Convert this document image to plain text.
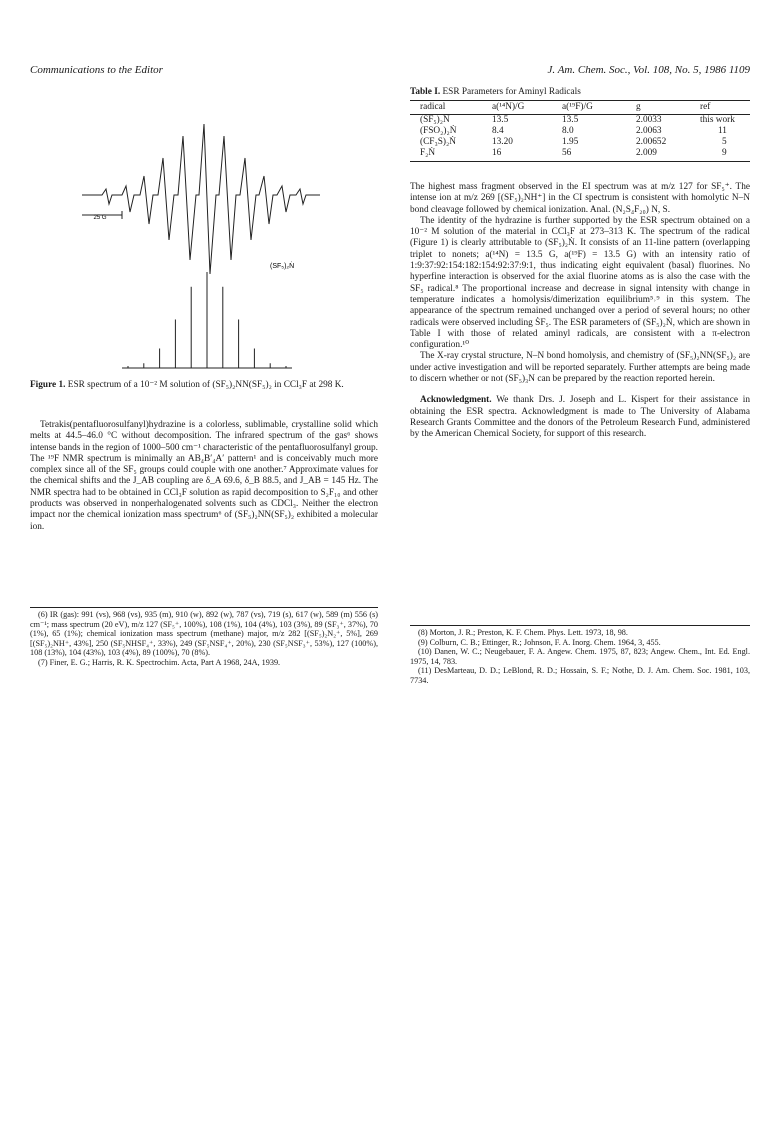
Communications to the Editor	J. Am. Chem. Soc., Vol. 108, No. 5, 1986 1109
25 G
(SF₅)₂Ṅ
Figure 1. ESR spectrum of a 10⁻² M solution of (SF₅)₂NN(SF₅)₂ in CCl₃F at 298 K.

Tetrakis(pentafluorosulfanyl)hydrazine is a colorless, sublimable, crystalline solid which melts at 44.5–46.0 °C without decomposition. The infrared spectrum of the gas⁶ shows intense bands in the region of 1000–500 cm⁻¹ characteristic of the pentafluorosulfanyl group. The ¹⁹F NMR spectrum is minimally an AB₄B′₄A′ pattern¹ and is conceivably much more complex since all of the SF₅ groups could couple with one another.⁷ Approximate values for the chemical shifts and the J_AB coupling are δ_A 69.6, δ_B 88.5, and J_AB = 145 Hz. The NMR spectra had to be obtained in CCl₃F solution as rapid decomposition to S₂F₁₀ and other products was observed in nonperhalogenated solvents such as CDCl₃. Neither the electron impact nor the chemical ionization mass spectrum⁶ of (SF₅)₂NN(SF₅)₂ exhibited a molecular ion.

(6) IR (gas): 991 (vs), 968 (vs), 935 (m), 910 (w), 892 (w), 787 (vs), 719 (s), 617 (w), 589 (m) 556 (s) cm⁻¹; mass spectrum (20 eV), m/z 127 (SF₅⁺, 100%), 108 (1%), 104 (4%), 103 (3%), 89 (SF₃⁺, 37%), 70 (1%), 65 (1%); chemical ionization mass spectrum (methane) major, m/z 282 [(SF₅)₂N₂⁺, 5%], 269 [(SF₅)₂NH⁺, 43%], 250 (SF₅NHSF₄⁺, 33%), 249 (SF₅NSF₄⁺, 20%), 230 (SF₅NSF₃⁺, 53%), 127 (100%), 108 (13%), 104 (43%), 103 (4%), 89 (100%), 70 (8%).

(7) Finer, E. G.; Harris, R. K. Spectrochim. Acta, Part A 1968, 24A, 1939.

Table I. ESR Parameters for Aminyl Radicals
radical	a(¹⁴N)/G	a(¹⁹F)/G	g	ref
(SF₅)₂Ṅ	13.5	13.5	2.0033	this work
(FSO₂)₂Ṅ	8.4	8.0	2.0063	11
(CF₃S)₂Ṅ	13.20	1.95	2.00652	5
F₂Ṅ	16	56	2.009	9

The highest mass fragment observed in the EI spectrum was at m/z 127 for SF₅⁺. The intense ion at m/z 269 [(SF₅)₂NH⁺] in the CI spectrum is consistent with homolytic N–N bond cleavage followed by chemical ionization. Anal. (N₂S₄F₂₀) N, S.

The identity of the hydrazine is further supported by the ESR spectrum obtained on a 10⁻² M solution of the material in CCl₃F at 273–313 K. The spectrum of the radical (Figure 1) is clearly attributable to (SF₅)₂Ṅ. It consists of an 11-line pattern (overlapping triplet to nonets; a(¹⁴N) = 13.5 G, a(¹⁹F) = 13.5 G) with an intensity ratio of 1:9:37:92:154:182:154:92:37:9:1, thus indicating eight equivalent (basal) fluorines. No hyperfine interaction is observed for the axial fluorine atoms as is also the case with the SF₅ radical.⁸ The proportional increase and decrease in signal intensity with change in temperature indicates a homolysis/dimerization equilibrium⁵˒⁹ in this system. The appearance of the spectrum remained unchanged over a period of several hours; no other radicals were observed including ṠF₅. The ESR parameters of (SF₅)₂Ṅ, which are shown in Table I with those of related aminyl radicals, are consistent with a π-electron configuration.¹⁰

The X-ray crystal structure, N–N bond homolysis, and chemistry of (SF₅)₂NN(SF₅)₂ are under active investigation and will be reported separately. Further attempts are being made to discern whether or not (SF₅)₃N can be prepared by the reaction reported herein.

Acknowledgment. We thank Drs. J. Joseph and L. Kispert for their assistance in obtaining the ESR spectra. Acknowledgment is made to The University of Alabama Research Grants Committee and the donors of the Petroleum Research Fund, administered by the American Chemical Society, for support of this research.

(8) Morton, J. R.; Preston, K. F. Chem. Phys. Lett. 1973, 18, 98.

(9) Colburn, C. B.; Ettinger, R.; Johnson, F. A. Inorg. Chem. 1964, 3, 455.

(10) Danen, W. C.; Neugebauer, F. A. Angew. Chem. 1975, 87, 823; Angew. Chem., Int. Ed. Engl. 1975, 14, 783.

(11) DesMarteau, D. D.; LeBlond, R. D.; Hossain, S. F.; Nothe, D. J. Am. Chem. Soc. 1981, 103, 7734.
